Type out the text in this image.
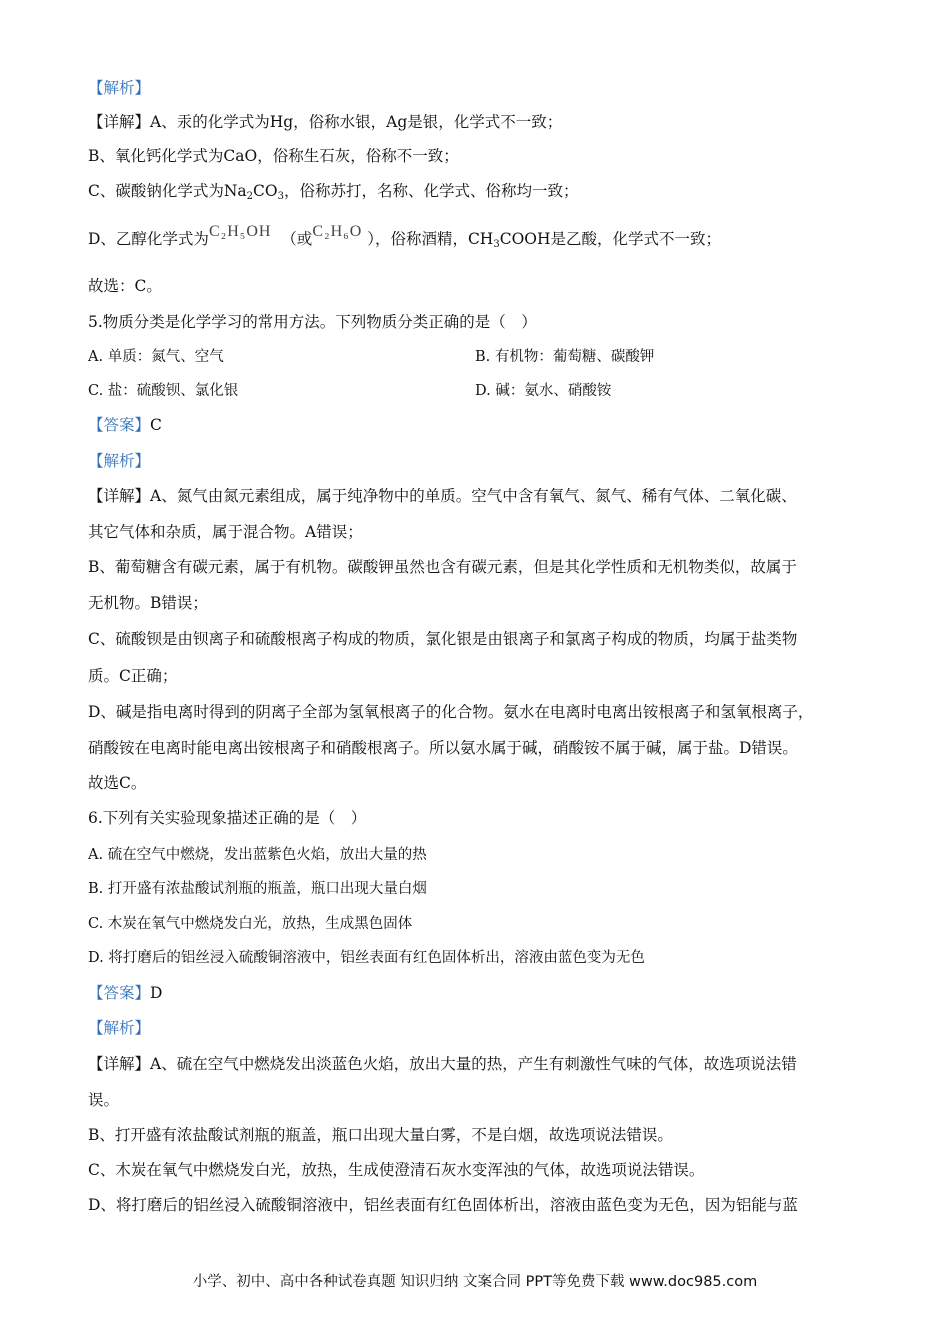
【解析】
【详解】A、汞的化学式为Hg，俗称水银，Ag是银，化学式不一致；
B、氧化钙化学式为CaO，俗称生石灰，俗称不一致；
C、碳酸钠化学式为$Na_2CO_3$，俗称苏打，名称、化学式、俗称均一致；
D、乙醇化学式为C₂H₅OH （或C₂H₆O ），俗称酒精，$CH_3COOH$是乙酸，化学式不一致；
故选：C。
5.物质分类是化学学习的常用方法。下列物质分类正确的是（　）
A. 单质：氮气、空气	B. 有机物：葡萄糖、碳酸钾
C. 盐：硫酸钡、氯化银	D. 碱：氨水、硝酸铵
【答案】C
【解析】
【详解】A、氮气由氮元素组成，属于纯净物中的单质。空气中含有氧气、氮气、稀有气体、二氧化碳、
其它气体和杂质，属于混合物。A错误；
B、葡萄糖含有碳元素，属于有机物。碳酸钾虽然也含有碳元素，但是其化学性质和无机物类似，故属于
无机物。B错误；
C、硫酸钡是由钡离子和硫酸根离子构成的物质，氯化银是由银离子和氯离子构成的物质，均属于盐类物
质。C正确；
D、碱是指电离时得到的阴离子全部为氢氧根离子的化合物。氨水在电离时电离出铵根离子和氢氧根离子，
硝酸铵在电离时能电离出铵根离子和硝酸根离子。所以氨水属于碱，硝酸铵不属于碱，属于盐。D错误。
故选C。
6.下列有关实验现象描述正确的是（　）
A. 硫在空气中燃烧，发出蓝紫色火焰，放出大量的热
B. 打开盛有浓盐酸试剂瓶的瓶盖，瓶口出现大量白烟
C. 木炭在氧气中燃烧发白光，放热，生成黑色固体
D. 将打磨后的铝丝浸入硫酸铜溶液中，铝丝表面有红色固体析出，溶液由蓝色变为无色
【答案】D
【解析】
【详解】A、硫在空气中燃烧发出淡蓝色火焰，放出大量的热，产生有刺激性气味的气体，故选项说法错
误。
B、打开盛有浓盐酸试剂瓶的瓶盖，瓶口出现大量白雾，不是白烟，故选项说法错误。
C、木炭在氧气中燃烧发白光，放热，生成使澄清石灰水变浑浊的气体，故选项说法错误。
D、将打磨后的铝丝浸入硫酸铜溶液中，铝丝表面有红色固体析出，溶液由蓝色变为无色，因为铝能与蓝
小学、初中、高中各种试卷真题 知识归纳 文案合同 PPT等免费下载 www.doc985.com
